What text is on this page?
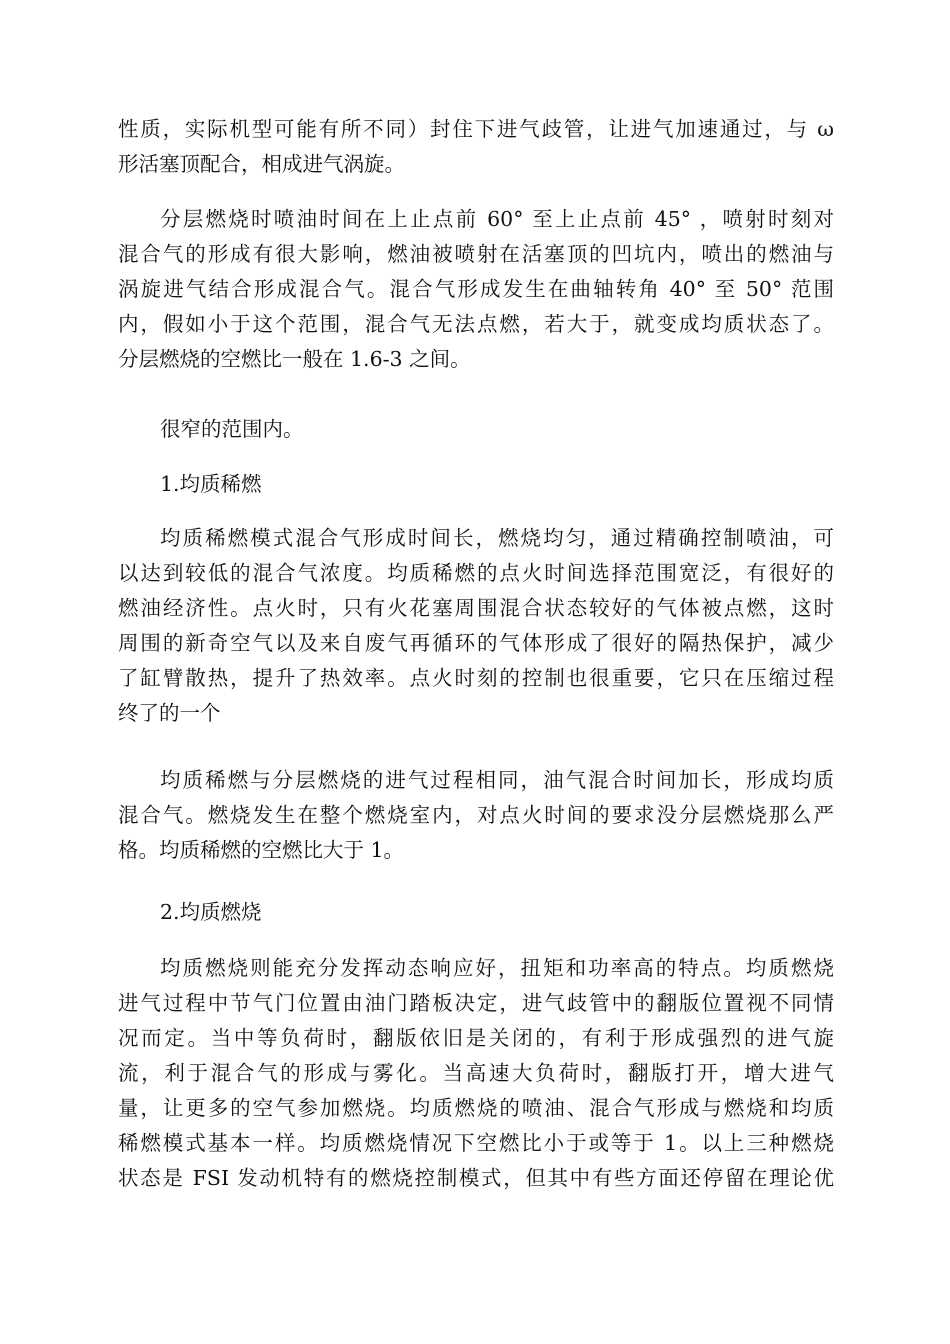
性质，实际机型可能有所不同）封住下进气歧管，让进气加速通过，与 ω
形活塞顶配合，相成进气涡旋。
分层燃烧时喷油时间在上止点前 60° 至上止点前 45° ，喷射时刻对
混合气的形成有很大影响，燃油被喷射在活塞顶的凹坑内，喷出的燃油与
涡旋进气结合形成混合气。混合气形成发生在曲轴转角 40° 至 50° 范围
内，假如小于这个范围，混合气无法点燃，若大于，就变成均质状态了。
分层燃烧的空燃比一般在 1.6-3 之间。
很窄的范围内。
1.均质稀燃
均质稀燃模式混合气形成时间长，燃烧均匀，通过精确控制喷油，可
以达到较低的混合气浓度。均质稀燃的点火时间选择范围宽泛，有很好的
燃油经济性。点火时，只有火花塞周围混合状态较好的气体被点燃，这时
周围的新奇空气以及来自废气再循环的气体形成了很好的隔热保护，减少
了缸臂散热，提升了热效率。点火时刻的控制也很重要，它只在压缩过程
终了的一个
均质稀燃与分层燃烧的进气过程相同，油气混合时间加长，形成均质
混合气。燃烧发生在整个燃烧室内，对点火时间的要求没分层燃烧那么严
格。均质稀燃的空燃比大于 1。
2.均质燃烧
均质燃烧则能充分发挥动态响应好，扭矩和功率高的特点。均质燃烧
进气过程中节气门位置由油门踏板决定，进气歧管中的翻版位置视不同情
况而定。当中等负荷时，翻版依旧是关闭的，有利于形成强烈的进气旋
流，利于混合气的形成与雾化。当高速大负荷时，翻版打开，增大进气
量，让更多的空气参加燃烧。均质燃烧的喷油、混合气形成与燃烧和均质
稀燃模式基本一样。均质燃烧情况下空燃比小于或等于 1。以上三种燃烧
状态是 FSI 发动机特有的燃烧控制模式，但其中有些方面还停留在理论优
